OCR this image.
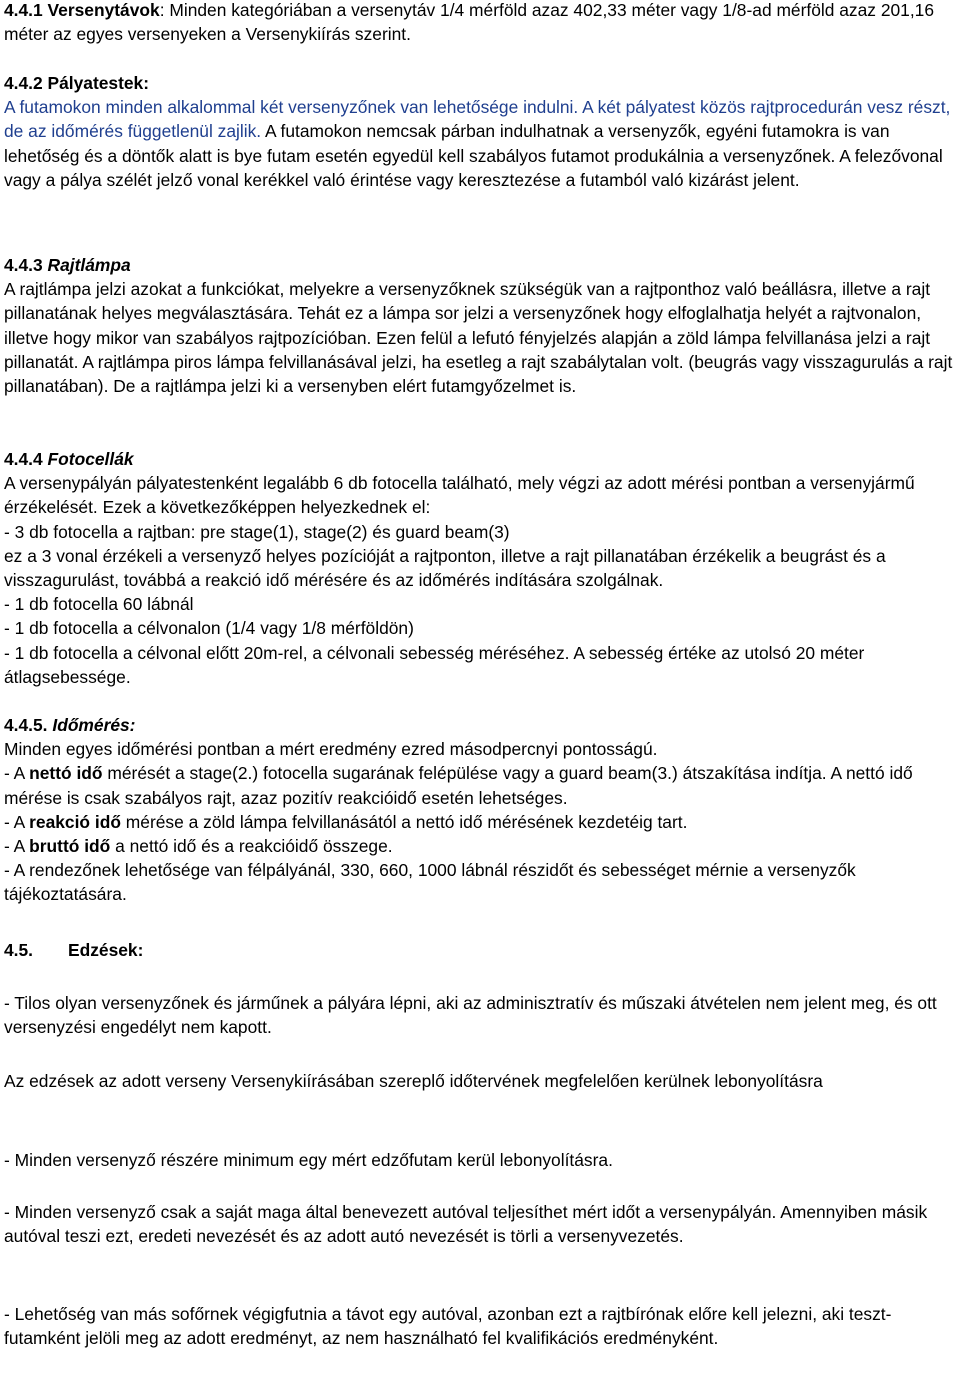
4.4.1 Versenytávok: Minden kategóriában a versenytáv 1/4 mérföld azaz 402,33 méter vagy 1/8-ad mérföld azaz 201,16 méter az egyes versenyeken a Versenykiírás szerint.

4.4.2 Pályatestek:
A futamokon minden alkalommal két versenyzőnek van lehetősége indulni. A két pályatest közös rajtprocedurán vesz részt, de az időmérés függetlenül zajlik. A futamokon nemcsak párban indulhatnak a versenyzők, egyéni futamokra is van lehetőség és a döntők alatt is bye futam esetén egyedül kell szabályos futamot produkálnia a versenyzőnek. A felezővonal vagy a pálya szélét jelző vonal kerékkel való érintése vagy keresztezése a futamból való kizárást jelent.

4.4.3 Rajtlámpa
A rajtlámpa jelzi azokat a funkciókat, melyekre a versenyzőknek szükségük van a rajtponthoz való beállásra, illetve a rajt pillanatának helyes megválasztására. Tehát ez a lámpa sor jelzi a versenyzőnek hogy elfoglalhatja helyét a rajtvonalon, illetve hogy mikor van szabályos rajtpozícióban. Ezen felül a lefutó fényjelzés alapján a zöld lámpa felvillanása jelzi a rajt pillanatát. A rajtlámpa piros lámpa felvillanásával jelzi, ha esetleg a rajt szabálytalan volt. (beugrás vagy visszagurulás a rajt pillanatában). De a rajtlámpa jelzi ki a versenyben elért futamgyőzelmet is.

4.4.4 Fotocellák
A versenypályán pályatestenként legalább 6 db fotocella található, mely végzi az adott mérési pontban a versenyjármű érzékelését. Ezek a következőképpen helyezkednek el:
- 3 db fotocella a rajtban: pre stage(1), stage(2) és guard beam(3)
ez a 3 vonal érzékeli a versenyző helyes pozícióját a rajtponton, illetve a rajt pillanatában érzékelik a beugrást és a visszagurulást, továbbá a reakció idő mérésére és az időmérés indítására szolgálnak.
- 1 db fotocella 60 lábnál
- 1 db fotocella a célvonalon (1/4 vagy 1/8 mérföldön)
- 1 db fotocella a célvonal előtt 20m-rel, a célvonali sebesség méréséhez. A sebesség értéke az utolsó 20 méter átlagsebessége.
4.4.5. Időmérés:
Minden egyes időmérési pontban a mért eredmény ezred másodpercnyi pontosságú.
- A nettó idő mérését a stage(2.) fotocella sugarának felépülése vagy a guard beam(3.) átszakítása indítja. A nettó idő mérése is csak szabályos rajt, azaz pozitív reakcióidő esetén lehetséges.
- A reakció idő mérése a zöld lámpa felvillanásától a nettó idő mérésének kezdetéig tart.
- A bruttó idő a nettó idő és a reakcióidő összege.
- A rendezőnek lehetősége van félpályánál, 330, 660, 1000 lábnál részidőt és sebességet mérnie a versenyzők tájékoztatására.
4.5. Edzések:

- Tilos olyan versenyzőnek és járműnek a pályára lépni, aki az adminisztratív és műszaki átvételen nem jelent meg, és ott versenyzési engedélyt nem kapott.

Az edzések az adott verseny Versenykiírásában szereplő időtervének megfelelően kerülnek lebonyolításra

- Minden versenyző részére minimum egy mért edzőfutam kerül lebonyolításra.

- Minden versenyző csak a saját maga által benevezett autóval teljesíthet mért időt a versenypályán. Amennyiben másik autóval teszi ezt, eredeti nevezését és az adott autó nevezését is törli a versenyvezetés.

- Lehetőség van más sofőrnek végigfutnia a távot egy autóval, azonban ezt a rajtbírónak előre kell jelezni, aki teszt-futamként jelöli meg az adott eredményt, az nem használható fel kvalifikációs eredményként.
